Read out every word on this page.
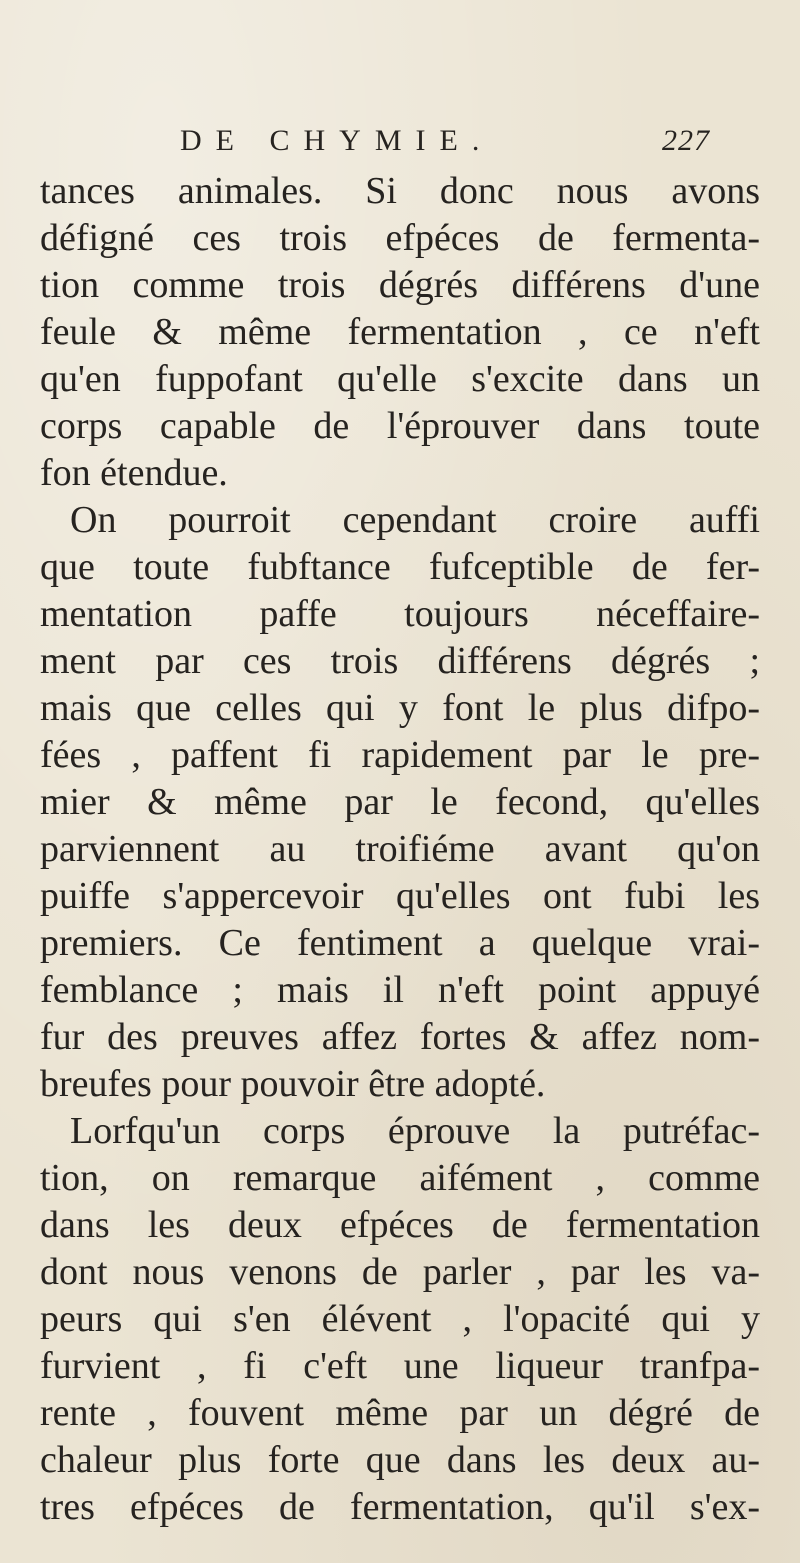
DE CHYMIE.	227
tances animales. Si donc nous avons
défigné ces trois efpéces de fermenta-
tion comme trois dégrés différens d'une
feule & même fermentation , ce n'eft
qu'en fuppofant qu'elle s'excite dans un
corps capable de l'éprouver dans toute
fon étendue.
On pourroit cependant croire auffi
que toute fubftance fufceptible de fer-
mentation paffe toujours néceffaire-
ment par ces trois différens dégrés ;
mais que celles qui y font le plus difpo-
fées , paffent fi rapidement par le pre-
mier & même par le fecond, qu'elles
parviennent au troifiéme avant qu'on
puiffe s'appercevoir qu'elles ont fubi les
premiers. Ce fentiment a quelque vrai-
femblance ; mais il n'eft point appuyé
fur des preuves affez fortes & affez nom-
breufes pour pouvoir être adopté.
Lorfqu'un corps éprouve la putréfac-
tion, on remarque aifément , comme
dans les deux efpéces de fermentation
dont nous venons de parler , par les va-
peurs qui s'en élévent , l'opacité qui y
furvient , fi c'eft une liqueur tranfpa-
rente , fouvent même par un dégré de
chaleur plus forte que dans les deux au-
tres efpéces de fermentation, qu'il s'ex-
